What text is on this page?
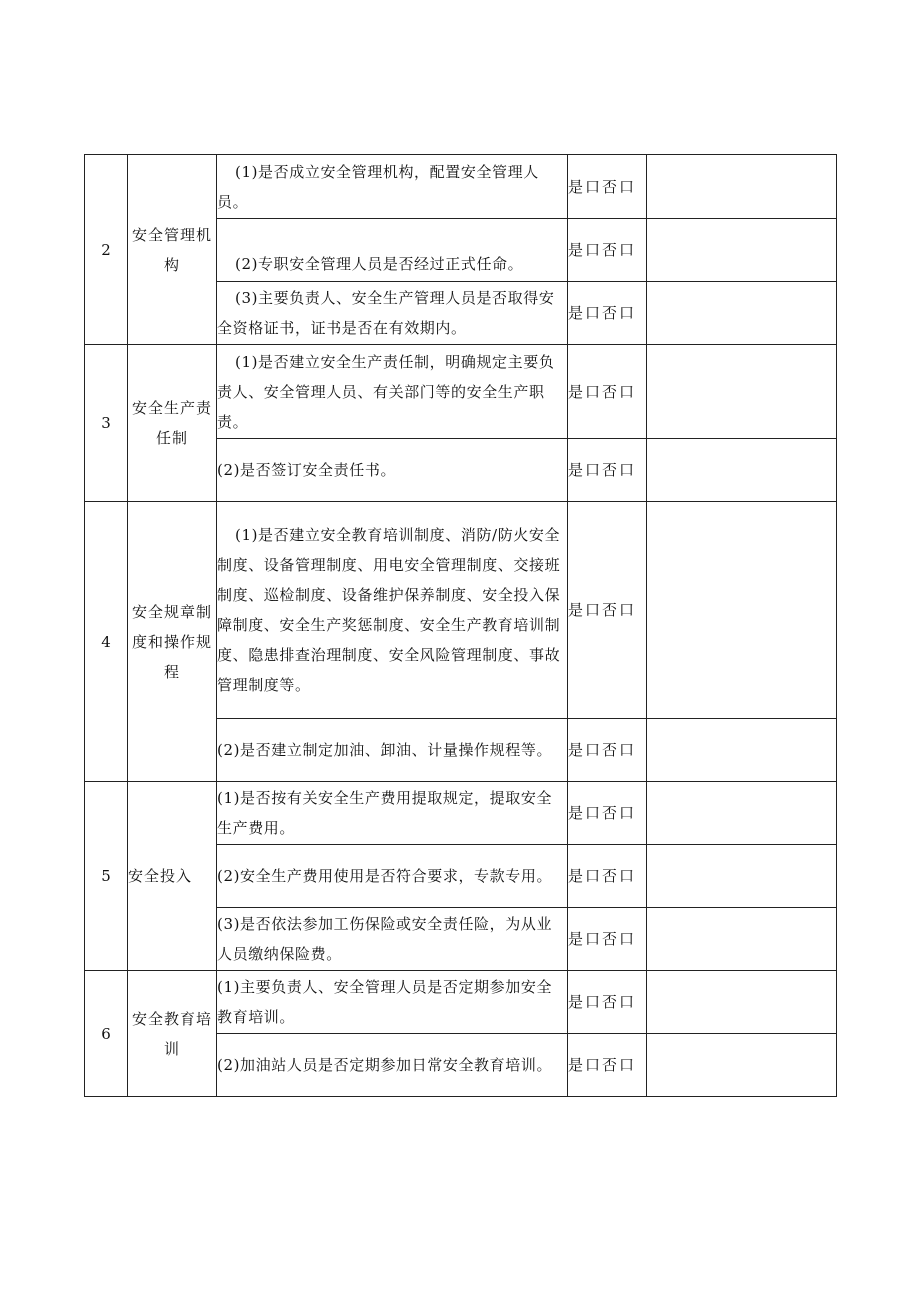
2	安全管理机构	(1)是否成立安全管理机构，配置安全管理人员。	是口否口	
		(2)专职安全管理人员是否经过正式任命。	是口否口	
		(3)主要负责人、安全生产管理人员是否取得安全资格证书，证书是否在有效期内。	是口否口	
3	安全生产责任制	(1)是否建立安全生产责任制，明确规定主要负责人、安全管理人员、有关部门等的安全生产职责。	是口否口	
		(2)是否签订安全责任书。	是口否口	
4	安全规章制度和操作规程	(1)是否建立安全教育培训制度、消防/防火安全制度、设备管理制度、用电安全管理制度、交接班制度、巡检制度、设备维护保养制度、安全投入保障制度、安全生产奖惩制度、安全生产教育培训制度、隐患排查治理制度、安全风险管理制度、事故管理制度等。	是口否口	
		(2)是否建立制定加油、卸油、计量操作规程等。	是口否口	
5	安全投入	(1)是否按有关安全生产费用提取规定，提取安全生产费用。	是口否口	
		(2)安全生产费用使用是否符合要求，专款专用。	是口否口	
		(3)是否依法参加工伤保险或安全责任险，为从业人员缴纳保险费。	是口否口	
6	安全教育培训	(1)主要负责人、安全管理人员是否定期参加安全教育培训。	是口否口	
		(2)加油站人员是否定期参加日常安全教育培训。	是口否口	
